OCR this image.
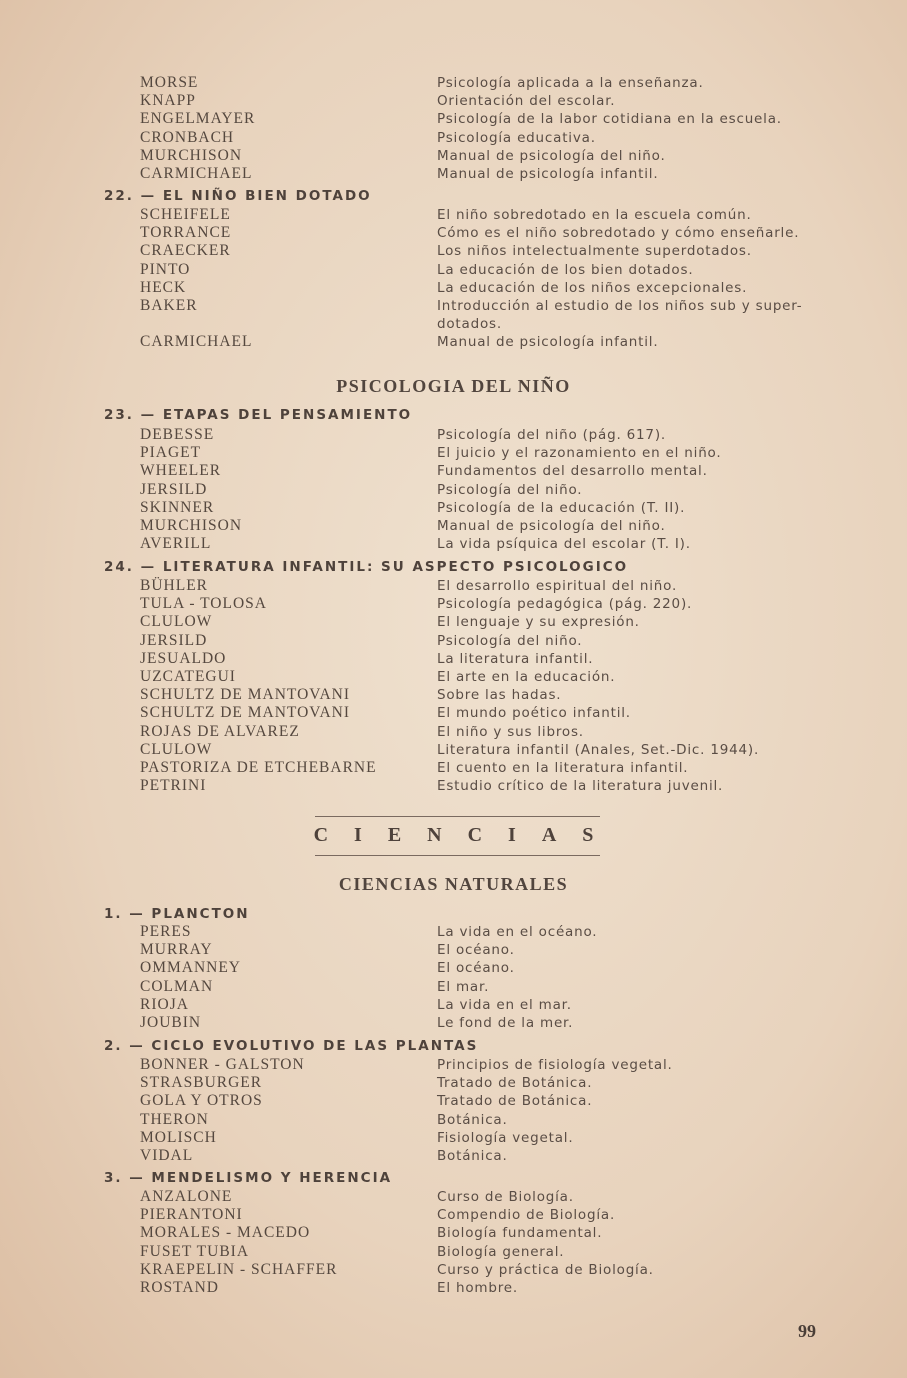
MORSE
KNAPP
ENGELMAYER
CRONBACH
MURCHISON
CARMICHAEL
Psicología aplicada a la enseñanza.
Orientación del escolar.
Psicología de la labor cotidiana en la escuela.
Psicología educativa.
Manual de psicología del niño.
Manual de psicología infantil.
22. — EL NIÑO BIEN DOTADO
SCHEIFELE
TORRANCE
CRAECKER
PINTO
HECK
BAKER
CARMICHAEL
El niño sobredotado en la escuela común.
Cómo es el niño sobredotado y cómo enseñarle.
Los niños intelectualmente superdotados.
La educación de los bien dotados.
La educación de los niños excepcionales.
Introducción al estudio de los niños sub y super-
dotados.
Manual de psicología infantil.
PSICOLOGIA DEL NIÑO
23. — ETAPAS DEL PENSAMIENTO
DEBESSE
PIAGET
WHEELER
JERSILD
SKINNER
MURCHISON
AVERILL
Psicología del niño (pág. 617).
El juicio y el razonamiento en el niño.
Fundamentos del desarrollo mental.
Psicología del niño.
Psicología de la educación (T. II).
Manual de psicología del niño.
La vida psíquica del escolar (T. I).
24. — LITERATURA INFANTIL: SU ASPECTO PSICOLOGICO
BÜHLER
TULA - TOLOSA
CLULOW
JERSILD
JESUALDO
UZCATEGUI
SCHULTZ DE MANTOVANI
SCHULTZ DE MANTOVANI
ROJAS DE ALVAREZ
CLULOW
PASTORIZA DE ETCHEBARNE
PETRINI
El desarrollo espiritual del niño.
Psicología pedagógica (pág. 220).
El lenguaje y su expresión.
Psicología del niño.
La literatura infantil.
El arte en la educación.
Sobre las hadas.
El mundo poético infantil.
El niño y sus libros.
Literatura infantil (Anales, Set.-Dic. 1944).
El cuento en la literatura infantil.
Estudio crítico de la literatura juvenil.
CIENCIAS
CIENCIAS NATURALES
1. — PLANCTON
PERES
MURRAY
OMMANNEY
COLMAN
RIOJA
JOUBIN
La vida en el océano.
El océano.
El océano.
El mar.
La vida en el mar.
Le fond de la mer.
2. — CICLO EVOLUTIVO DE LAS PLANTAS
BONNER - GALSTON
STRASBURGER
GOLA Y OTROS
THERON
MOLISCH
VIDAL
Principios de fisiología vegetal.
Tratado de Botánica.
Tratado de Botánica.
Botánica.
Fisiología vegetal.
Botánica.
3. — MENDELISMO Y HERENCIA
ANZALONE
PIERANTONI
MORALES - MACEDO
FUSET TUBIA
KRAEPELIN - SCHAFFER
ROSTAND
Curso de Biología.
Compendio de Biología.
Biología fundamental.
Biología general.
Curso y práctica de Biología.
El hombre.
99
